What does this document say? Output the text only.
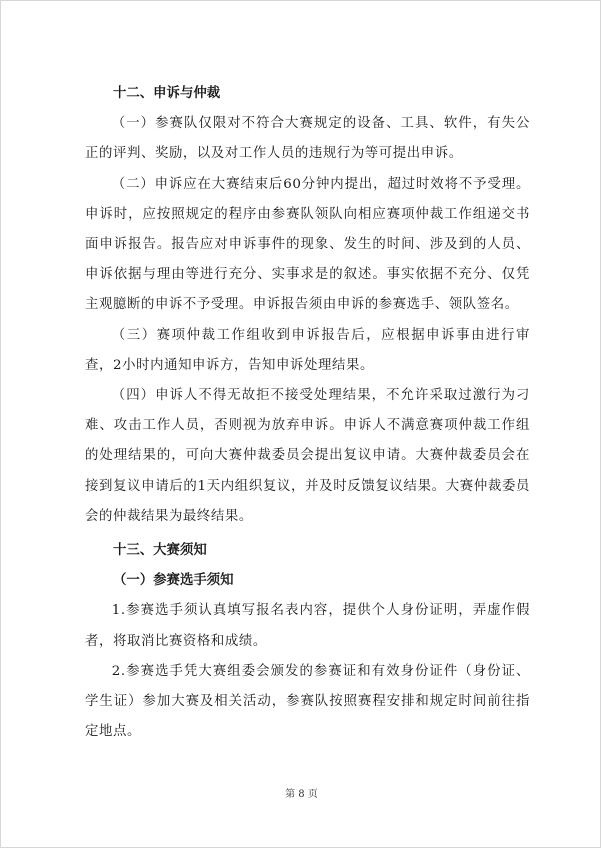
十二、申诉与仲裁

（一）参赛队仅限对不符合大赛规定的设备、工具、软件，有失公正的评判、奖励，以及对工作人员的违规行为等可提出申诉。

（二）申诉应在大赛结束后60分钟内提出，超过时效将不予受理。申诉时，应按照规定的程序由参赛队领队向相应赛项仲裁工作组递交书面申诉报告。报告应对申诉事件的现象、发生的时间、涉及到的人员、申诉依据与理由等进行充分、实事求是的叙述。事实依据不充分、仅凭主观臆断的申诉不予受理。申诉报告须由申诉的参赛选手、领队签名。

（三）赛项仲裁工作组收到申诉报告后，应根据申诉事由进行审查，2小时内通知申诉方，告知申诉处理结果。

（四）申诉人不得无故拒不接受处理结果，不允许采取过激行为刁难、攻击工作人员，否则视为放弃申诉。申诉人不满意赛项仲裁工作组的处理结果的，可向大赛仲裁委员会提出复议申请。大赛仲裁委员会在接到复议申请后的1天内组织复议，并及时反馈复议结果。大赛仲裁委员会的仲裁结果为最终结果。

十三、大赛须知

（一）参赛选手须知

1.参赛选手须认真填写报名表内容，提供个人身份证明，弄虚作假者，将取消比赛资格和成绩。

2.参赛选手凭大赛组委会颁发的参赛证和有效身份证件（身份证、学生证）参加大赛及相关活动，参赛队按照赛程安排和规定时间前往指定地点。

第 8 页
